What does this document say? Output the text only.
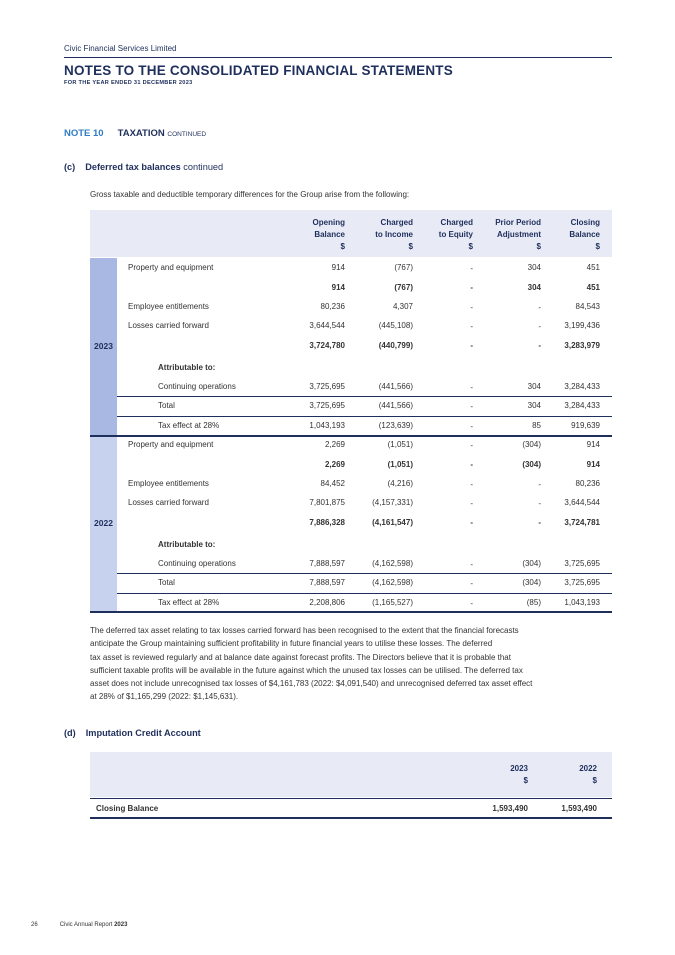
Civic Financial Services Limited
NOTES TO THE CONSOLIDATED FINANCIAL STATEMENTS
FOR THE YEAR ENDED 31 DECEMBER 2023
NOTE 10 TAXATION CONTINUED
(c) Deferred tax balances continued
Gross taxable and deductible temporary differences for the Group arise from the following:
Opening
Balance
$
Charged
to Income
$
Charged
to Equity
$
Prior Period
Adjustment
$
Closing
Balance
$
2023
Property and equipment	914	(767)	-	304	451
914	(767)	-	304	451
Employee entitlements	80,236	4,307	-	-	84,543
Losses carried forward	3,644,544	(445,108)	-	-	3,199,436
3,724,780	(440,799)	-	-	3,283,979
Attributable to:
Continuing operations	3,725,695	(441,566)	-	304	3,284,433
Total	3,725,695	(441,566)	-	304	3,284,433
Tax effect at 28%	1,043,193	(123,639)	-	85	919,639
2022
Property and equipment	2,269	(1,051)	-	(304)	914
2,269	(1,051)	-	(304)	914
Employee entitlements	84,452	(4,216)	-	-	80,236
Losses carried forward	7,801,875	(4,157,331)	-	-	3,644,544
7,886,328	(4,161,547)	-	-	3,724,781
Attributable to:
Continuing operations	7,888,597	(4,162,598)	-	(304)	3,725,695
Total	7,888,597	(4,162,598)	-	(304)	3,725,695
Tax effect at 28%	2,208,806	(1,165,527)	-	(85)	1,043,193
The deferred tax asset relating to tax losses carried forward has been recognised to the extent that the financial forecasts
anticipate the Group maintaining sufficient profitability in future financial years to utilise these losses. The deferred
tax asset is reviewed regularly and at balance date against forecast profits. The Directors believe that it is probable that
sufficient taxable profits will be available in the future against which the unused tax losses can be utilised. The deferred tax
asset does not include unrecognised tax losses of $4,161,783 (2022: $4,091,540) and unrecognised deferred tax asset effect
at 28% of $1,165,299 (2022: $1,145,631).
(d) Imputation Credit Account
2023
$
2022
$
Closing Balance	1,593,490	1,593,490
26	Civic Annual Report 2023
